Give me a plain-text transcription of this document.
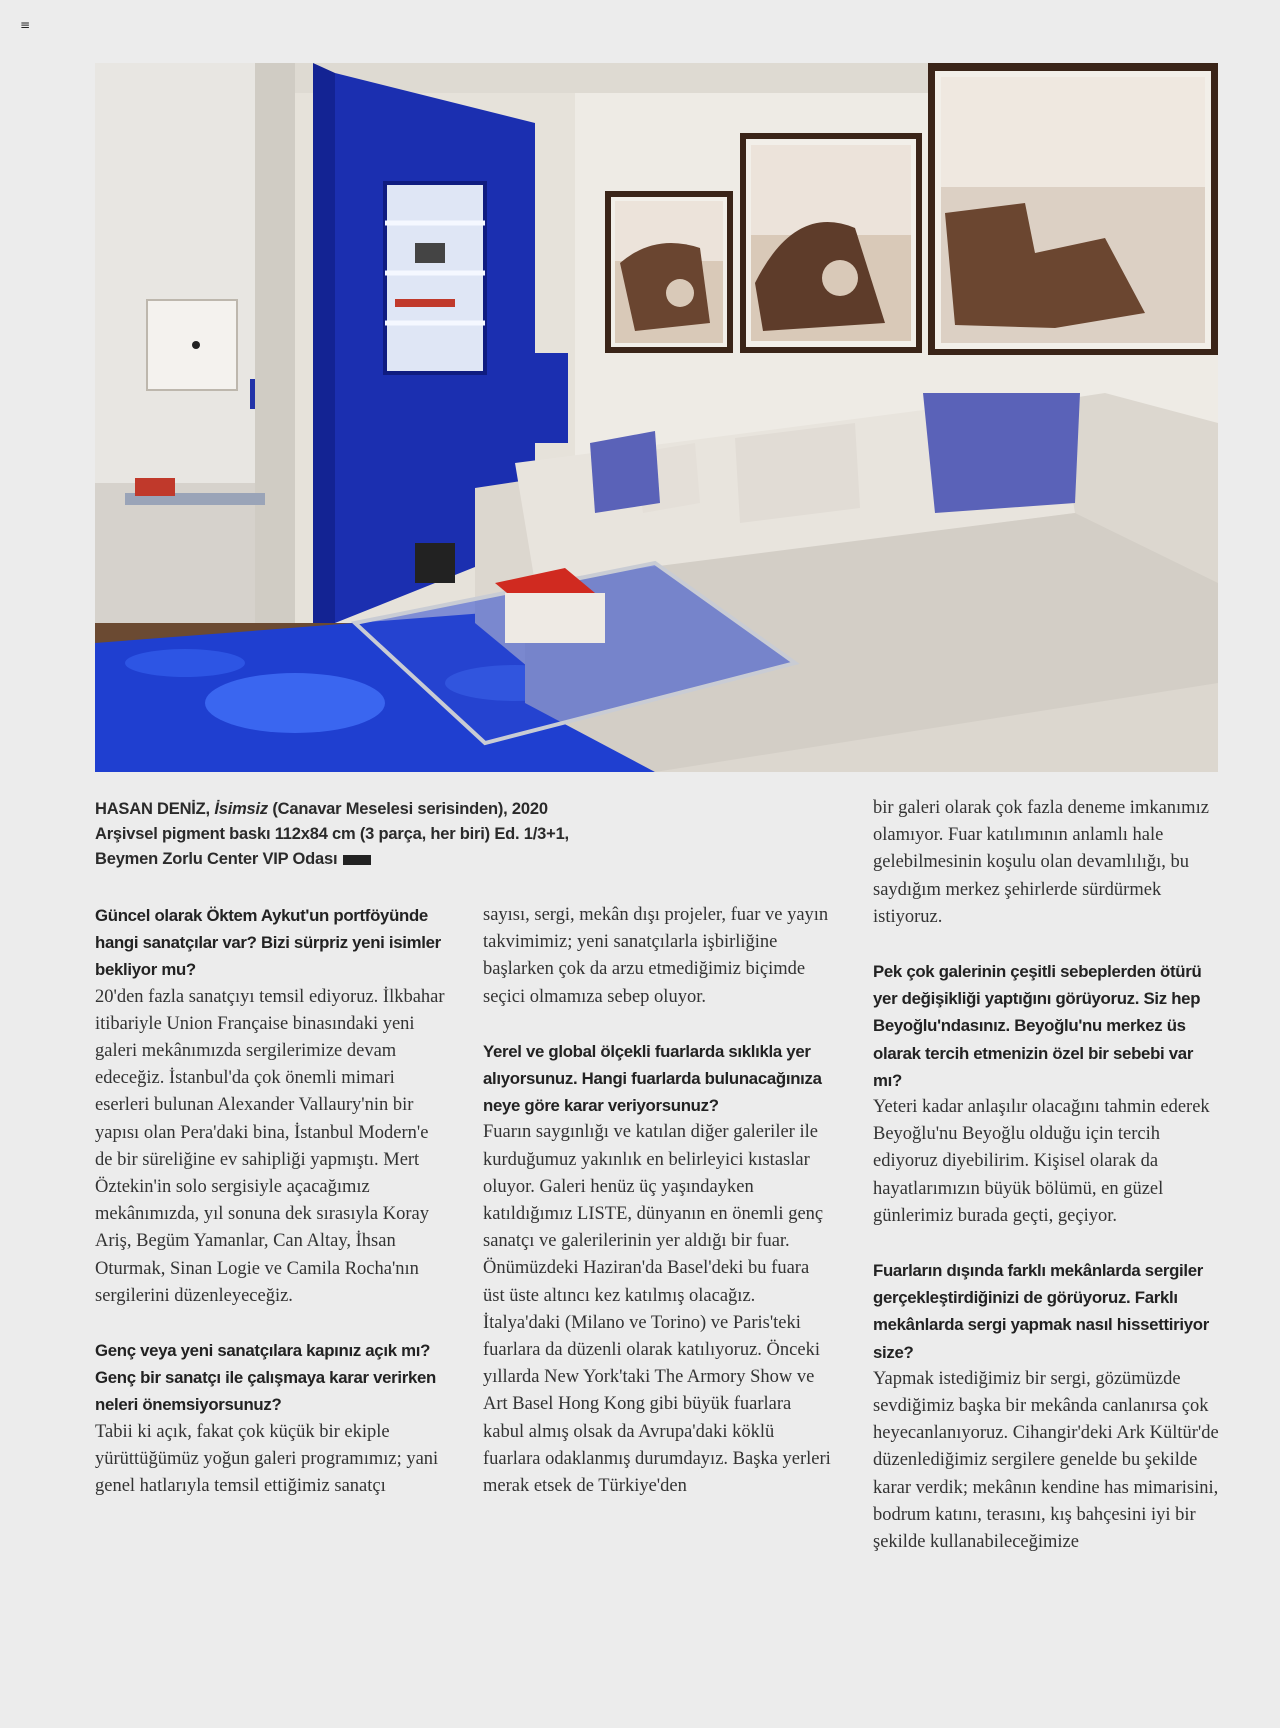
≡
HASAN DENİZ, İsimsiz (Canavar Meselesi serisinden), 2020
Arşivsel pigment baskı 112x84 cm (3 parça, her biri) Ed. 1/3+1,
Beymen Zorlu Center VIP Odası

Güncel olarak Öktem Aykut'un portföyünde hangi sanatçılar var? Bizi sürpriz yeni isimler bekliyor mu?

20'den fazla sanatçıyı temsil ediyoruz. İlkbahar itibariyle Union Française binasındaki yeni galeri mekânımızda sergilerimize devam edeceğiz. İstanbul'da çok önemli mimari eserleri bulunan Alexander Vallaury'nin bir yapısı olan Pera'daki bina, İstanbul Modern'e de bir süreliğine ev sahipliği yapmıştı. Mert Öztekin'in solo sergisiyle açacağımız mekânımızda, yıl sonuna dek sırasıyla Koray Ariş, Begüm Yamanlar, Can Altay, İhsan Oturmak, Sinan Logie ve Camila Rocha'nın sergilerini düzenleyeceğiz.

Genç veya yeni sanatçılara kapınız açık mı? Genç bir sanatçı ile çalışmaya karar verirken neleri önemsiyorsunuz?

Tabii ki açık, fakat çok küçük bir ekiple yürüttüğümüz yoğun galeri programımız; yani genel hatlarıyla temsil ettiğimiz sanatçı

sayısı, sergi, mekân dışı projeler, fuar ve yayın takvimimiz; yeni sanatçılarla işbirliğine başlarken çok da arzu etmediğimiz biçimde seçici olmamıza sebep oluyor.

Yerel ve global ölçekli fuarlarda sıklıkla yer alıyorsunuz. Hangi fuarlarda bulunacağınıza neye göre karar veriyorsunuz?

Fuarın saygınlığı ve katılan diğer galeriler ile kurduğumuz yakınlık en belirleyici kıstaslar oluyor. Galeri henüz üç yaşındayken katıldığımız LISTE, dünyanın en önemli genç sanatçı ve galerilerinin yer aldığı bir fuar. Önümüzdeki Haziran'da Basel'deki bu fuara üst üste altıncı kez katılmış olacağız. İtalya'daki (Milano ve Torino) ve Paris'teki fuarlara da düzenli olarak katılıyoruz. Önceki yıllarda New York'taki The Armory Show ve Art Basel Hong Kong gibi büyük fuarlara kabul almış olsak da Avrupa'daki köklü fuarlara odaklanmış durumdayız. Başka yerleri merak etsek de Türkiye'den

bir galeri olarak çok fazla deneme imkanımız olamıyor. Fuar katılımının anlamlı hale gelebilmesinin koşulu olan devamlılığı, bu saydığım merkez şehirlerde sürdürmek istiyoruz.

Pek çok galerinin çeşitli sebeplerden ötürü yer değişikliği yaptığını görüyoruz. Siz hep Beyoğlu'ndasınız. Beyoğlu'nu merkez üs olarak tercih etmenizin özel bir sebebi var mı?

Yeteri kadar anlaşılır olacağını tahmin ederek Beyoğlu'nu Beyoğlu olduğu için tercih ediyoruz diyebilirim. Kişisel olarak da hayatlarımızın büyük bölümü, en güzel günlerimiz burada geçti, geçiyor.

Fuarların dışında farklı mekânlarda sergiler gerçekleştirdiğinizi de görüyoruz. Farklı mekânlarda sergi yapmak nasıl hissettiriyor size?

Yapmak istediğimiz bir sergi, gözümüzde sevdiğimiz başka bir mekânda canlanırsa çok heyecanlanıyoruz. Cihangir'deki Ark Kültür'de düzenlediğimiz sergilere genelde bu şekilde karar verdik; mekânın kendine has mimarisini, bodrum katını, terasını, kış bahçesini iyi bir şekilde kullanabileceğimize
